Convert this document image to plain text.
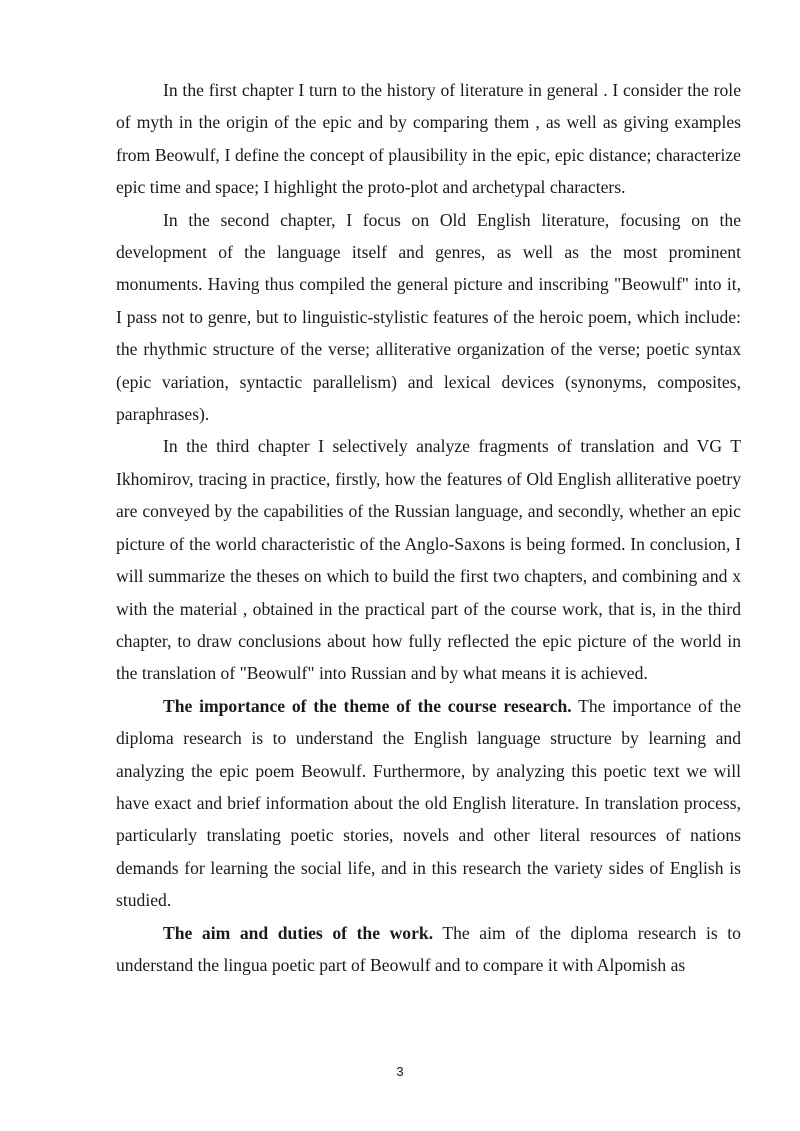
In the first chapter I turn to the history of literature in general . I consider the role of myth in the origin of the epic and by comparing them , as well as giving examples from Beowulf, I define the concept of plausibility in the epic, epic distance; characterize epic time and space; I highlight the proto-plot and archetypal characters.

In the second chapter, I focus on Old English literature, focusing on the development of the language itself and genres, as well as the most prominent monuments. Having thus compiled the general picture and inscribing "Beowulf" into it, I pass not to genre, but to linguistic-stylistic features of the heroic poem, which include: the rhythmic structure of the verse; alliterative organization of the verse; poetic syntax (epic variation, syntactic parallelism) and lexical devices (synonyms, composites, paraphrases).

In the third chapter I selectively analyze fragments of translation and VG T Ikhomirov, tracing in practice, firstly, how the features of Old English alliterative poetry are conveyed by the capabilities of the Russian language, and secondly, whether an epic picture of the world characteristic of the Anglo-Saxons is being formed. In conclusion, I will summarize the theses on which to build the first two chapters, and combining and x with the material , obtained in the practical part of the course work, that is, in the third chapter, to draw conclusions about how fully reflected the epic picture of the world in the translation of "Beowulf" into Russian and by what means it is achieved.

The importance of the theme of the course research. The importance of the diploma research is to understand the English language structure by learning and analyzing the epic poem Beowulf. Furthermore, by analyzing this poetic text we will have exact and brief information about the old English literature. In translation process, particularly translating poetic stories, novels and other literal resources of nations demands for learning the social life, and in this research the variety sides of English is studied.

The aim and duties of the work. The aim of the diploma research is to understand the lingua poetic part of Beowulf and to compare it with Alpomish as

3
